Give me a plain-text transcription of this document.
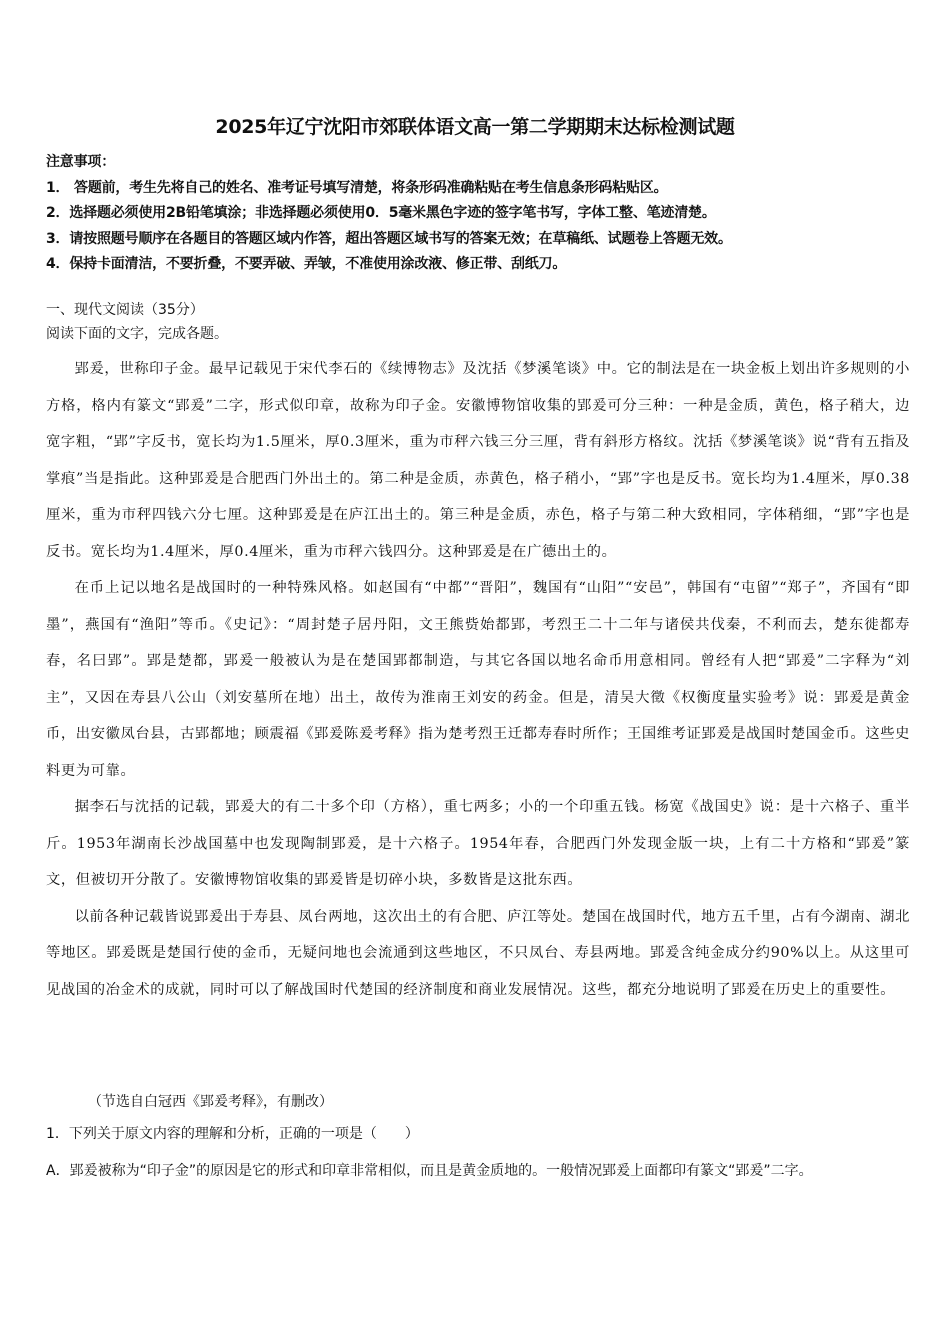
2025年辽宁沈阳市郊联体语文高一第二学期期末达标检测试题
注意事项：
1． 答题前，考生先将自己的姓名、准考证号填写清楚，将条形码准确粘贴在考生信息条形码粘贴区。
2．选择题必须使用2B铅笔填涂；非选择题必须使用0．5毫米黑色字迹的签字笔书写，字体工整、笔迹清楚。
3．请按照题号顺序在各题目的答题区域内作答，超出答题区域书写的答案无效；在草稿纸、试题卷上答题无效。
4．保持卡面清洁，不要折叠，不要弄破、弄皱，不准使用涂改液、修正带、刮纸刀。
一、现代文阅读（35分）
阅读下面的文字，完成各题。

郢爰，世称印子金。最早记载见于宋代李石的《续博物志》及沈括《梦溪笔谈》中。它的制法是在一块金板上划出许多规则的小方格，格内有篆文“郢爰”二字，形式似印章，故称为印子金。安徽博物馆收集的郢爰可分三种：一种是金质，黄色，格子稍大，边宽字粗，“郢”字反书，宽长均为1.5厘米，厚0.3厘米，重为市秤六钱三分三厘，背有斜形方格纹。沈括《梦溪笔谈》说“背有五指及掌痕”当是指此。这种郢爰是合肥西门外出土的。第二种是金质，赤黄色，格子稍小，“郢”字也是反书。宽长均为1.4厘米，厚0.38厘米，重为市秤四钱六分七厘。这种郢爰是在庐江出土的。第三种是金质，赤色，格子与第二种大致相同，字体稍细，“郢”字也是反书。宽长均为1.4厘米，厚0.4厘米，重为市秤六钱四分。这种郢爰是在广德出土的。

在币上记以地名是战国时的一种特殊风格。如赵国有“中都”“晋阳”，魏国有“山阳”“安邑”，韩国有“屯留”“郑子”，齐国有“即墨”，燕国有“渔阳”等币。《史记》：“周封楚子居丹阳，文王熊赀始都郢，考烈王二十二年与诸侯共伐秦，不利而去，楚东徙都寿春，名曰郢”。郢是楚都，郢爰一般被认为是在楚国郢都制造，与其它各国以地名命币用意相同。曾经有人把“郢爰”二字释为“刘主”，又因在寿县八公山（刘安墓所在地）出土，故传为淮南王刘安的药金。但是，清吴大徵《权衡度量实验考》说：郢爰是黄金币，出安徽凤台县，古郢都地；顾震福《郢爰陈爰考释》指为楚考烈王迁都寿春时所作；王国维考证郢爰是战国时楚国金币。这些史料更为可靠。

据李石与沈括的记载，郢爰大的有二十多个印（方格），重七两多；小的一个印重五钱。杨宽《战国史》说：是十六格子、重半斤。1953年湖南长沙战国墓中也发现陶制郢爰，是十六格子。1954年春，合肥西门外发现金版一块，上有二十方格和“郢爰”篆文，但被切开分散了。安徽博物馆收集的郢爰皆是切碎小块，多数皆是这批东西。

以前各种记载皆说郢爰出于寿县、凤台两地，这次出土的有合肥、庐江等处。楚国在战国时代，地方五千里，占有今湖南、湖北等地区。郢爰既是楚国行使的金币，无疑问地也会流通到这些地区，不只凤台、寿县两地。郢爰含纯金成分约90%以上。从这里可见战国的冶金术的成就，同时可以了解战国时代楚国的经济制度和商业发展情况。这些，都充分地说明了郢爰在历史上的重要性。

（节选自白冠西《郢爰考释》，有删改）
1．下列关于原文内容的理解和分析，正确的一项是（　　）
A．郢爰被称为“印子金”的原因是它的形式和印章非常相似，而且是黄金质地的。一般情况郢爰上面都印有篆文“郢爰”二字。
